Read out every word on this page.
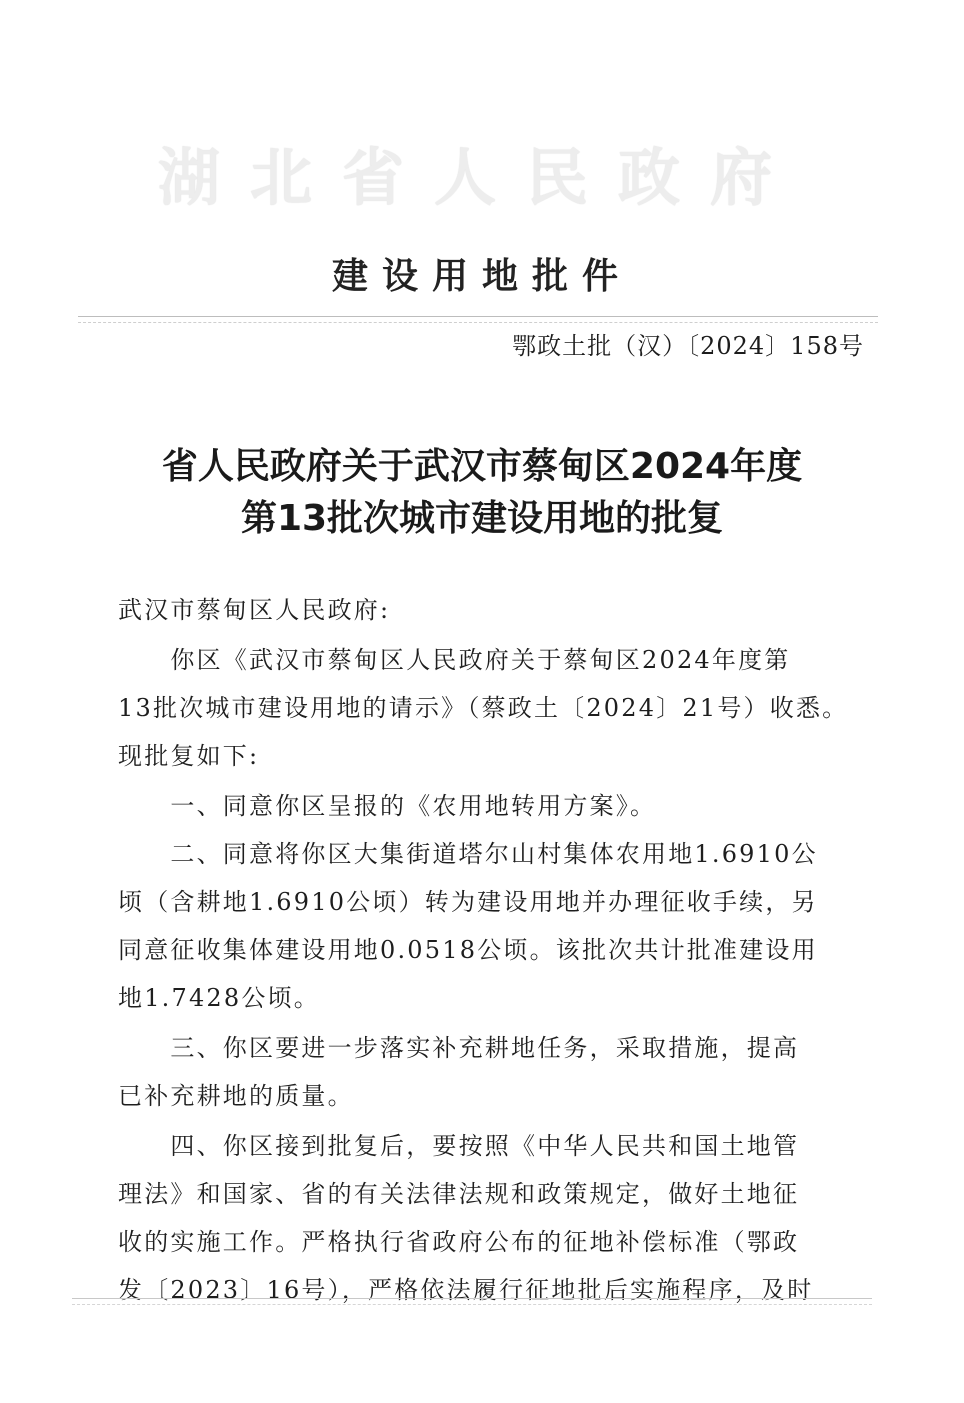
湖北省人民政府
建设用地批件
鄂政土批（汉）〔2024〕158号
省人民政府关于武汉市蔡甸区2024年度
第13批次城市建设用地的批复
武汉市蔡甸区人民政府:
　　你区《武汉市蔡甸区人民政府关于蔡甸区2024年度第
13批次城市建设用地的请示》（蔡政土〔2024〕21号）收悉。
现批复如下:
　　一、同意你区呈报的《农用地转用方案》。
　　二、同意将你区大集街道塔尔山村集体农用地1.6910公
顷（含耕地1.6910公顷）转为建设用地并办理征收手续，另
同意征收集体建设用地0.0518公顷。该批次共计批准建设用
地1.7428公顷。
　　三、你区要进一步落实补充耕地任务，采取措施，提高
已补充耕地的质量。
　　四、你区接到批复后，要按照《中华人民共和国土地管
理法》和国家、省的有关法律法规和政策规定，做好土地征
收的实施工作。严格执行省政府公布的征地补偿标准（鄂政
发〔2023〕16号），严格依法履行征地批后实施程序，及时
